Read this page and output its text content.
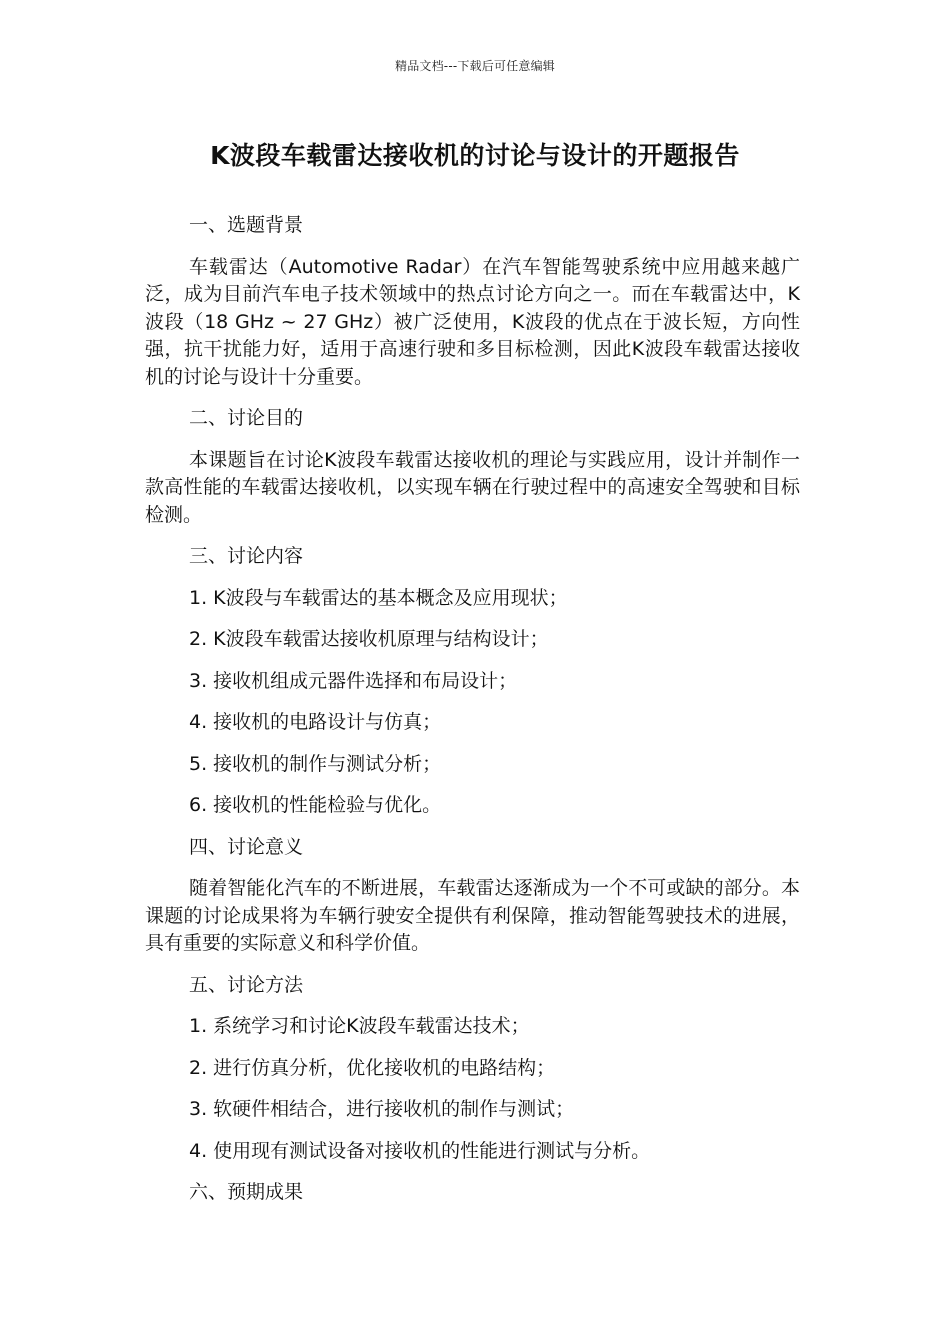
精品文档---下载后可任意编辑
K波段车载雷达接收机的讨论与设计的开题报告

一、选题背景

车载雷达（Automotive Radar）在汽车智能驾驶系统中应用越来越广泛，成为目前汽车电子技术领域中的热点讨论方向之一。而在车载雷达中，K波段（18 GHz ~ 27 GHz）被广泛使用，K波段的优点在于波长短，方向性强，抗干扰能力好，适用于高速行驶和多目标检测，因此K波段车载雷达接收机的讨论与设计十分重要。

二、讨论目的

本课题旨在讨论K波段车载雷达接收机的理论与实践应用，设计并制作一款高性能的车载雷达接收机，以实现车辆在行驶过程中的高速安全驾驶和目标检测。

三、讨论内容

1. K波段与车载雷达的基本概念及应用现状；

2. K波段车载雷达接收机原理与结构设计；

3. 接收机组成元器件选择和布局设计；

4. 接收机的电路设计与仿真；

5. 接收机的制作与测试分析；

6. 接收机的性能检验与优化。

四、讨论意义

随着智能化汽车的不断进展，车载雷达逐渐成为一个不可或缺的部分。本课题的讨论成果将为车辆行驶安全提供有利保障，推动智能驾驶技术的进展，具有重要的实际意义和科学价值。

五、讨论方法

1. 系统学习和讨论K波段车载雷达技术；

2. 进行仿真分析，优化接收机的电路结构；

3. 软硬件相结合，进行接收机的制作与测试；

4. 使用现有测试设备对接收机的性能进行测试与分析。

六、预期成果
